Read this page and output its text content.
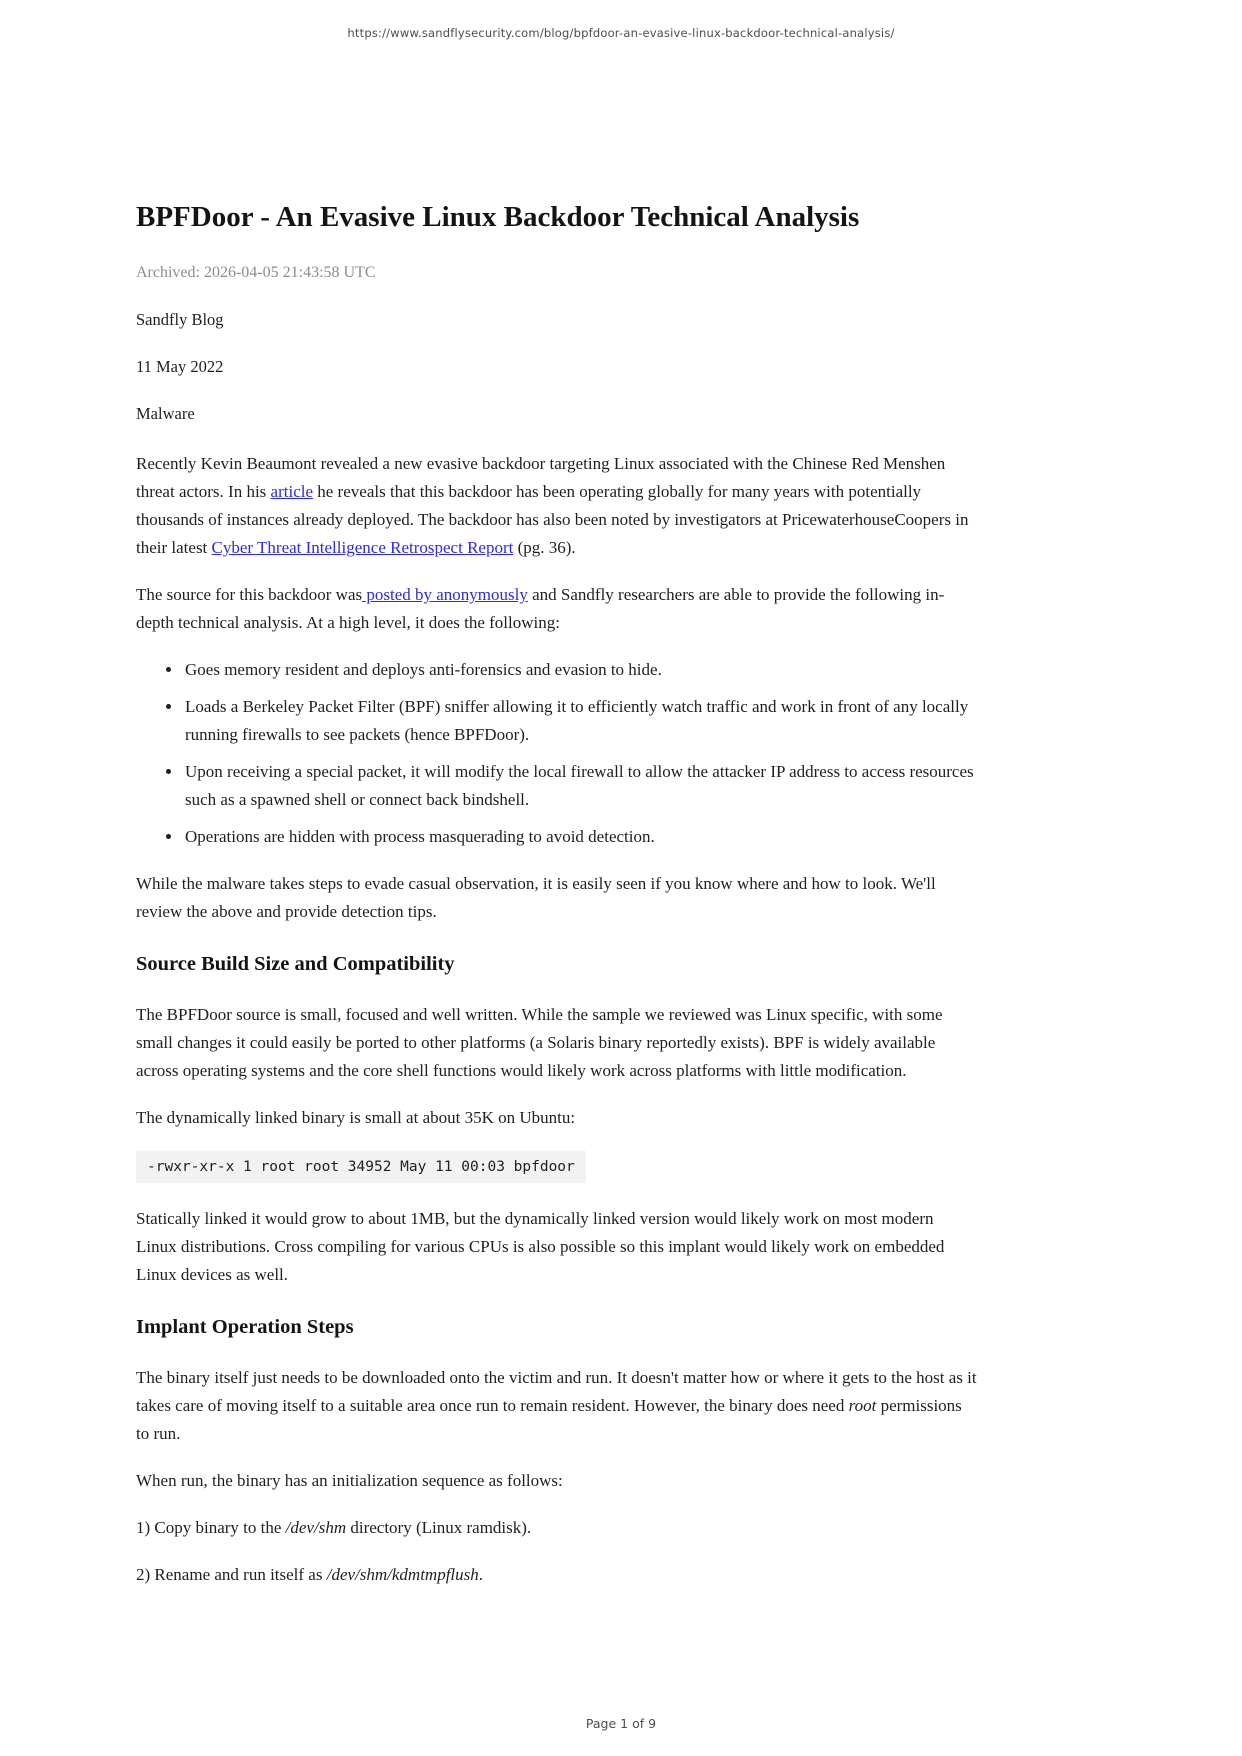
https://www.sandflysecurity.com/blog/bpfdoor-an-evasive-linux-backdoor-technical-analysis/
BPFDoor - An Evasive Linux Backdoor Technical Analysis

Archived: 2026-04-05 21:43:58 UTC

Sandfly Blog

11 May 2022

Malware

Recently Kevin Beaumont revealed a new evasive backdoor targeting Linux associated with the Chinese Red Menshen threat actors. In his article he reveals that this backdoor has been operating globally for many years with potentially thousands of instances already deployed. The backdoor has also been noted by investigators at PricewaterhouseCoopers in their latest Cyber Threat Intelligence Retrospect Report (pg. 36).

The source for this backdoor was posted by anonymously and Sandfly researchers are able to provide the following in-depth technical analysis. At a high level, it does the following:

• Goes memory resident and deploys anti-forensics and evasion to hide.
• Loads a Berkeley Packet Filter (BPF) sniffer allowing it to efficiently watch traffic and work in front of any locally running firewalls to see packets (hence BPFDoor).
• Upon receiving a special packet, it will modify the local firewall to allow the attacker IP address to access resources such as a spawned shell or connect back bindshell.
• Operations are hidden with process masquerading to avoid detection.

While the malware takes steps to evade casual observation, it is easily seen if you know where and how to look. We'll review the above and provide detection tips.

Source Build Size and Compatibility

The BPFDoor source is small, focused and well written. While the sample we reviewed was Linux specific, with some small changes it could easily be ported to other platforms (a Solaris binary reportedly exists). BPF is widely available across operating systems and the core shell functions would likely work across platforms with little modification.

The dynamically linked binary is small at about 35K on Ubuntu:

-rwxr-xr-x 1 root root 34952 May 11 00:03 bpfdoor

Statically linked it would grow to about 1MB, but the dynamically linked version would likely work on most modern Linux distributions. Cross compiling for various CPUs is also possible so this implant would likely work on embedded Linux devices as well.

Implant Operation Steps

The binary itself just needs to be downloaded onto the victim and run. It doesn't matter how or where it gets to the host as it takes care of moving itself to a suitable area once run to remain resident. However, the binary does need root permissions to run.

When run, the binary has an initialization sequence as follows:

1) Copy binary to the /dev/shm directory (Linux ramdisk).

2) Rename and run itself as /dev/shm/kdmtmpflush.

Page 1 of 9
